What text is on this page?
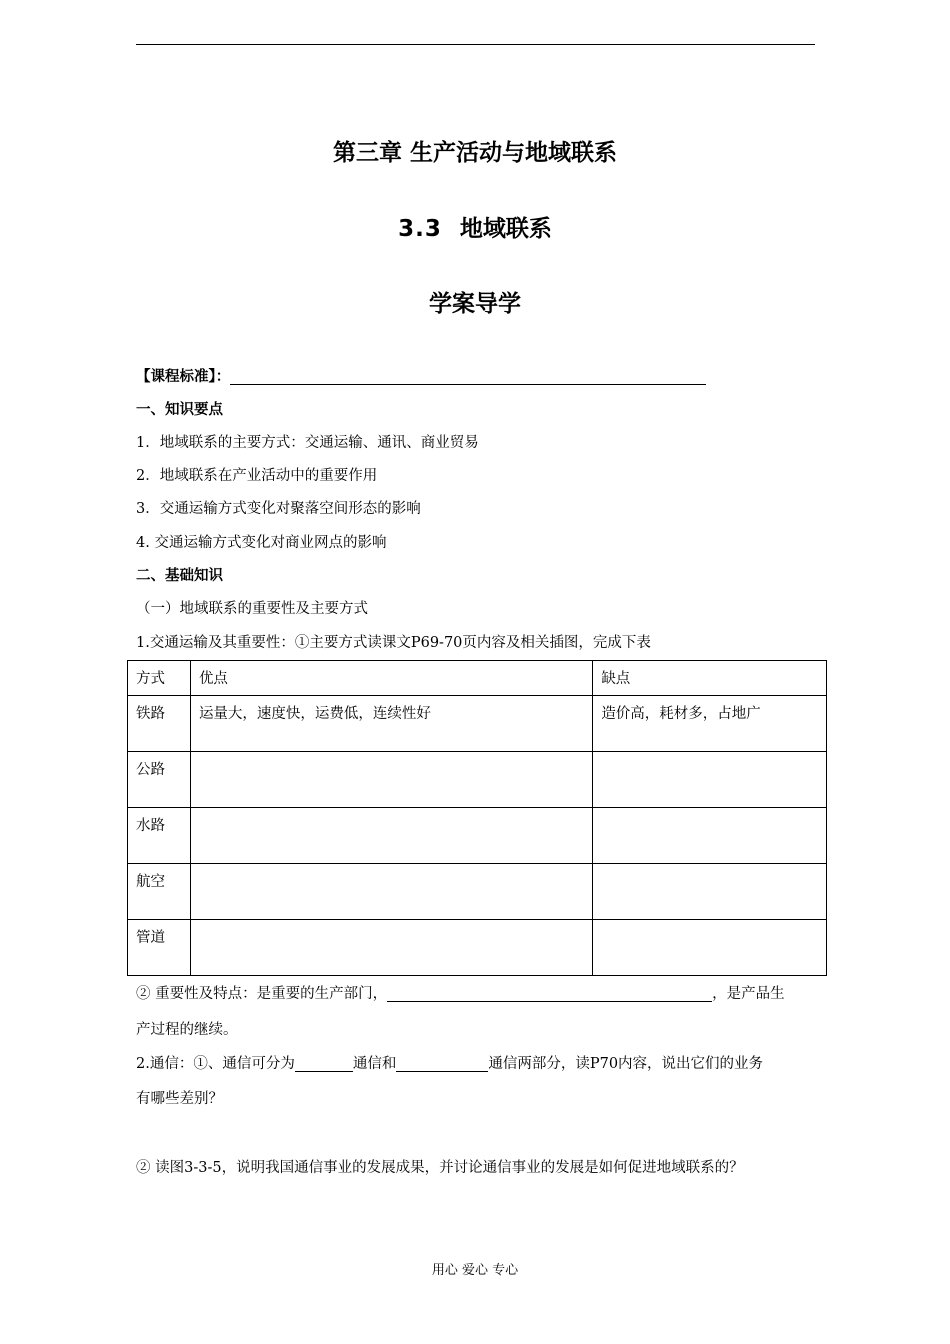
第三章 生产活动与地域联系
3.3 地域联系
学案导学
【课程标准】：
一、知识要点
1．地域联系的主要方式：交通运输、通讯、商业贸易
2．地域联系在产业活动中的重要作用
3．交通运输方式变化对聚落空间形态的影响
4. 交通运输方式变化对商业网点的影响
二、基础知识
（一）地域联系的重要性及主要方式
1.交通运输及其重要性：①主要方式读课文P69-70页内容及相关插图，完成下表
方式	优点	缺点
铁路	运量大，速度快，运费低，连续性好	造价高，耗材多，占地广
公路		
水路		
航空		
管道		
② 重要性及特点：是重要的生产部门，	，是产品生
产过程的继续。
2.通信：①、通信可分为	通信和	通信两部分，读P70内容，说出它们的业务
有哪些差别？
② 读图3-3-5，说明我国通信事业的发展成果，并讨论通信事业的发展是如何促进地域联系的？
用心 爱心 专心
